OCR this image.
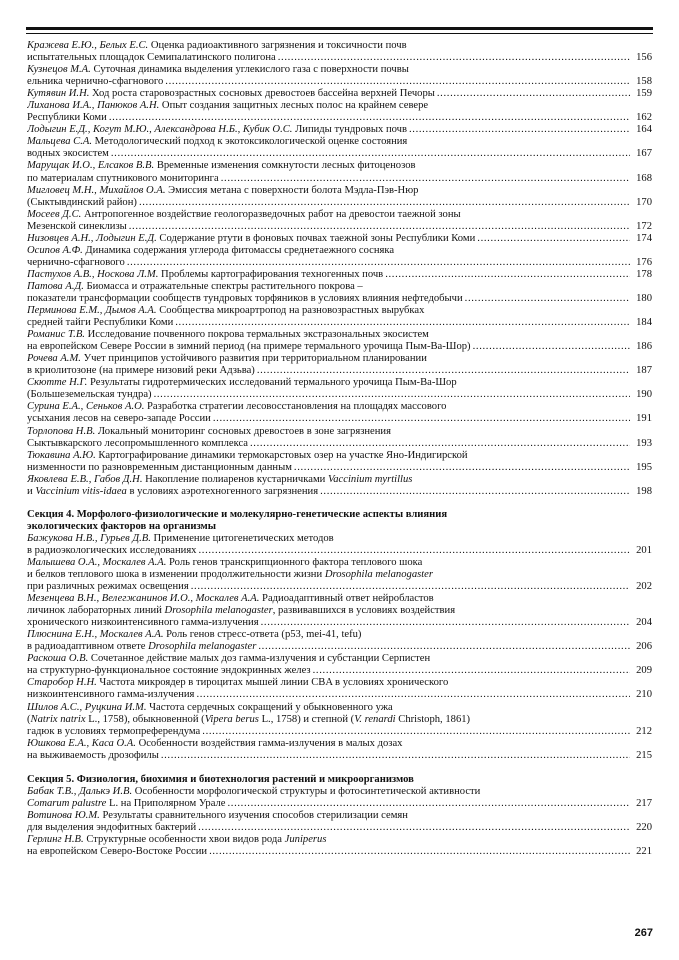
Кражева Е.Ю., Белых Е.С. Оценка радиоактивного загрязнения и токсичности почв
испытательных площадок Семипалатинского полигона . . .	156
Кузнецов М.А. Суточная динамика выделения углекислого газа с поверхности почвы
ельника чернично-сфагнового . . .	158
Кутявин И.Н. Ход роста старовозрастных сосновых древостоев бассейна верхней Печоры . . .	159
Лиханова И.А., Панюков А.Н. Опыт создания защитных лесных полос на крайнем севере
Республики Коми . . .	162
Лодыгин Е.Д., Когут М.Ю., Александрова Н.Б., Кубик О.С. Липиды тундровых почв . . .	164
Мальцева С.А. Методологический подход к экотоксикологической оценке состояния
водных экосистем . . .	167
Марущак И.О., Елсаков В.В. Временные изменения сомкнутости лесных фитоценозов
по материалам спутникового мониторинга . . .	168
Мигловец М.Н., Михайлов О.А. Эмиссия метана с поверхности болота Мэдла-Пэв-Нюр
(Сыктывдинский район) . . .	170
Мосеев Д.С. Антропогенное воздействие геологоразведочных работ на древостои таежной зоны
Мезенской синеклизы . . .	172
Низовцев А.Н., Лодыгин Е.Д. Содержание ртути в фоновых почвах таежной зоны Республики Коми . . .	174
Осипов А.Ф. Динамика содержания углерода фитомассы среднетаежного сосняка
чернично-сфагнового . . .	176
Пастухов А.В., Носкова Л.М. Проблемы картографирования техногенных почв . . .	178
Патова А.Д. Биомасса и отражательные спектры растительного покрова –
показатели трансформации сообществ тундровых торфяников в условиях влияния нефтедобычи . . .	180
Перминова Е.М., Дымов А.А. Сообщества микроартропод на разновозрастных вырубках
средней тайги Республики Коми . . .	184
Романис Т.В. Исследование почвенного покрова термальных экстразональных экосистем
на европейском Севере России в зимний период (на примере термального урочища Пым-Ва-Шор) . . .	186
Рочева А.М. Учет принципов устойчивого развития при территориальном планировании
в криолитозоне (на примере низовий реки Адзьва) . . .	187
Скютте Н.Г. Результаты гидротермических исследований термального урочища Пым-Ва-Шор
(Большеземельская тундра) . . .	190
Сурина Е.А., Сеньков А.О. Разработка стратегии лесовосстановления на площадях массового
усыхания лесов на северо-западе России . . .	191
Торлопова Н.В. Локальный мониторинг сосновых древостоев в зоне загрязнения
Сыктывкарского лесопромышленного комплекса . . .	193
Тюкавина А.Ю. Картографирование динамики термокарстовых озер на участке Яно-Индигирской
низменности по разновременным дистанционным данным . . .	195
Яковлева Е.В., Габов Д.Н. Накопление полиаренов кустарничками Vaccinium myrtillus
и Vaccinium vitis-idaea в условиях аэротехногенного загрязнения . . .	198
Секция 4. Морфолого-физиологические и молекулярно-генетические аспекты влияния
экологических факторов на организмы
Бажукова Н.В., Гурьев Д.В. Применение цитогенетических методов
в радиоэкологических исследованиях . . .	201
Малышева О.А., Москалев А.А. Роль генов транскрипционного фактора теплового шока
и белков теплового шока в изменении продолжительности жизни Drosophila melanogaster
при различных режимах освещения . . .	202
Мезенцева В.Н., Велегжанинов И.О., Москалев А.А. Радиоадаптивный ответ нейробластов
личинок лабораторных линий Drosophila melanogaster, развивавшихся в условиях воздействия
хронического низкоинтенсивного гамма-излучения . . .	204
Плюснина Е.Н., Москалев А.А. Роль генов стресс-ответа (p53, mei-41, tefu)
в радиоадаптивном ответе Drosophila melanogaster . . .	206
Раскоша О.В. Сочетанное действие малых доз гамма-излучения и субстанции Серпистен
на структурно-функциональное состояние эндокринных желез . . .	209
Старобор Н.Н. Частота микроядер в тироцитах мышей линии CBA в условиях хронического
низкоинтенсивного гамма-излучения . . .	210
Шилов А.С., Руцкина И.М. Частота сердечных сокращений у обыкновенного ужа
(Natrix natrix L., 1758), обыкновенной (Vipera berus L., 1758) и степной (V. renardi Christoph, 1861)
гадюк в условиях термопреферендума . . .	212
Юшкова Е.А., Каса О.А. Особенности воздействия гамма-излучения в малых дозах
на выживаемость дрозофилы . . .	215
Секция 5. Физиология, биохимия и биотехнология растений и микроорганизмов
Бабак Т.В., Далькэ И.В. Особенности морфологической структуры и фотосинтетической активности
Comarum palustre L. на Приполярном Урале . . .	217
Вотинова Ю.М. Результаты сравнительного изучения способов стерилизации семян
для выделения эндофитных бактерий . . .	220
Герлинг Н.В. Структурные особенности хвои видов рода Juniperus
на европейском Северо-Востоке России . . .	221
267
